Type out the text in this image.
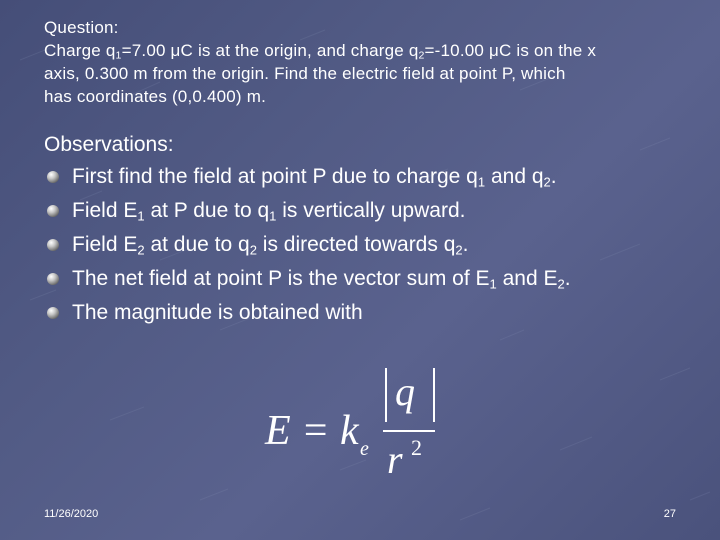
Question:
Charge $q_1=7.00$ μC is at the origin, and charge $q_2=-10.00$ μC is on the x
axis, 0.300 m from the origin. Find the electric field at point P, which
has coordinates (0,0.400) m.
Observations:
First find the field at point P due to charge $q_1$ and $q_2$.
Field $E_1$ at P due to $q_1$ is vertically upward.
Field $E_2$ at due to $q_2$ is directed towards $q_2$.
The net field at point P is the vector sum of $E_1$ and $E_2$.
The magnitude is obtained with
E = k e
q
r 2
11/26/2020	27
